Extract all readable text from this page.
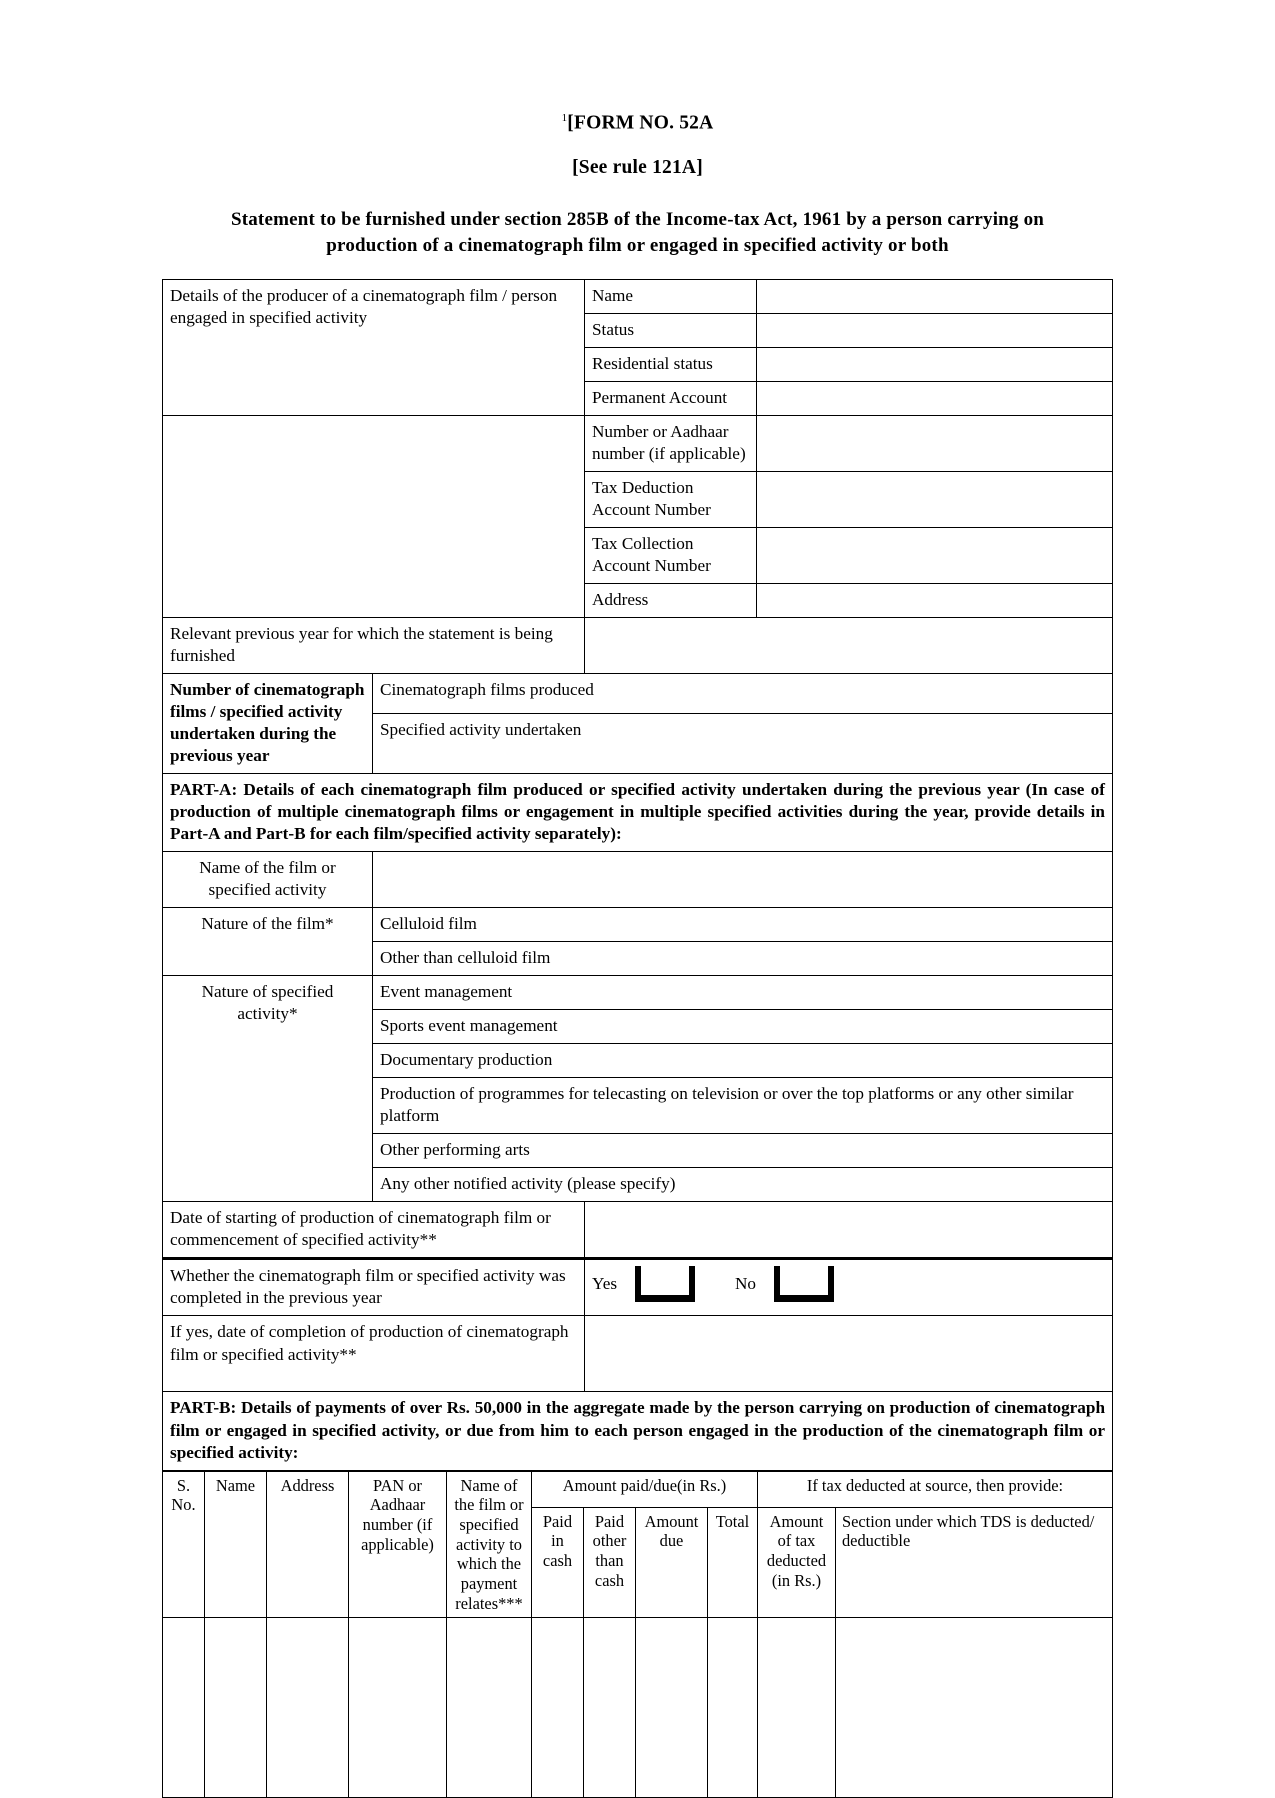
$^1$[FORM NO. 52A
[See rule 121A]
Statement to be furnished under section 285B of the Income-tax Act, 1961 by a person carrying on
production of a cinematograph film or engaged in specified activity or both
Details of the producer of a cinematograph film / person engaged in specified activity		Name	
		Status	
		Residential status	
		Permanent Account	
		Number or Aadhaar number (if applicable)	
		Tax Deduction Account Number	
		Tax Collection Account Number	
		Address	
Relevant previous year for which the statement is being furnished			
Number of cinematograph films / specified activity undertaken during the previous year	Cinematograph films produced		
	Specified activity undertaken		
PART-A: Details of each cinematograph film produced or specified activity undertaken during the previous year (In case of production of multiple cinematograph films or engagement in multiple specified activities during the year, provide details in Part-A and Part-B for each film/specified activity separately):			
Name of the film or specified activity			
Nature of the film*	Celluloid film		
	Other than celluloid film		
Nature of specified activity*	Event management		
	Sports event management		
	Documentary production		
	Production of programmes for telecasting on television or over the top platforms or any other similar platform		
	Other performing arts		
	Any other notified activity (please specify)		
Date of starting of production of cinematograph film or commencement of specified activity**			
Whether the cinematograph film or specified activity was completed in the previous year		Yes No	

If yes, date of completion of production of cinematograph film or specified activity**			
PART-B: Details of payments of over Rs. 50,000 in the aggregate made by the person carrying on production of cinematograph film or engaged in specified activity, or due from him to each person engaged in the production of the cinematograph film or specified activity:			
S. No.	Name	Address	PAN or Aadhaar number (if applicable)	Name of the film or specified activity to which the payment relates***	Amount paid/due(in Rs.)				If tax deducted at source, then provide:	
					Paid in cash	Paid other than cash	Amount due	Total	Amount of tax deducted (in Rs.)	Section under which TDS is deducted/ deductible
